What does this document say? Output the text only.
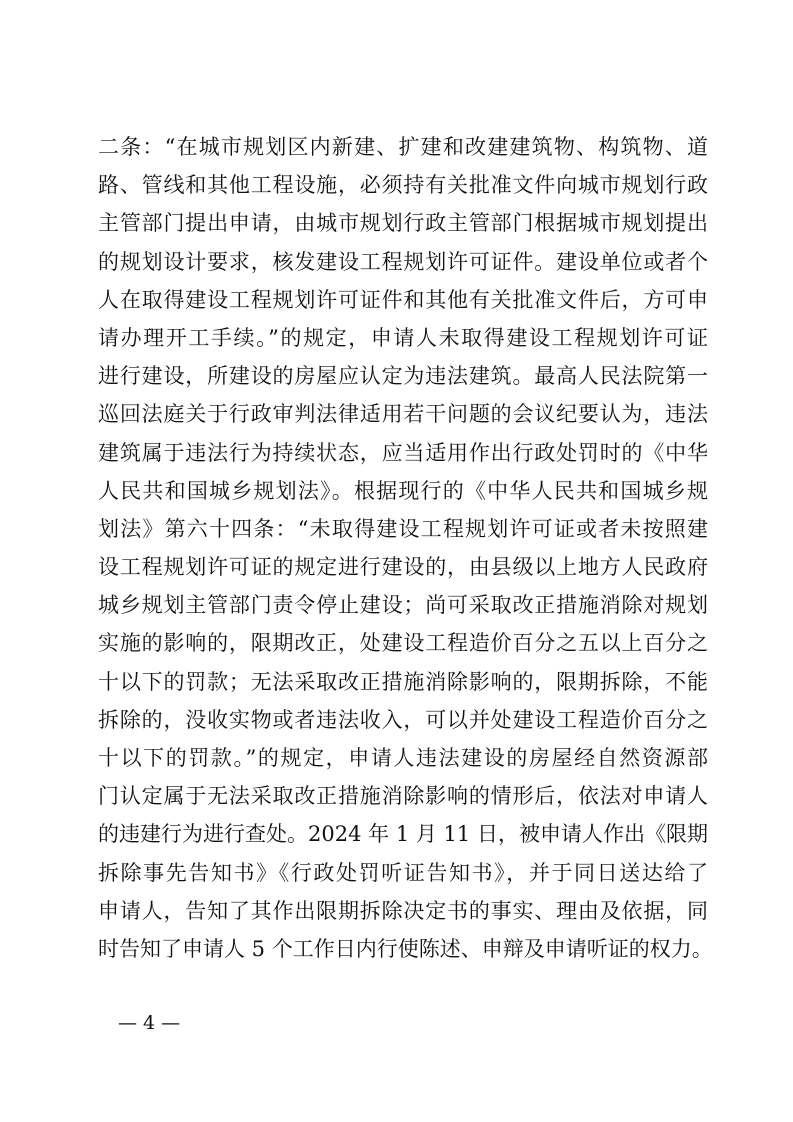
二条：“在城市规划区内新建、扩建和改建建筑物、构筑物、道
路、管线和其他工程设施，必须持有关批准文件向城市规划行政
主管部门提出申请，由城市规划行政主管部门根据城市规划提出
的规划设计要求，核发建设工程规划许可证件。建设单位或者个
人在取得建设工程规划许可证件和其他有关批准文件后，方可申
请办理开工手续。”的规定，申请人未取得建设工程规划许可证
进行建设，所建设的房屋应认定为违法建筑。最高人民法院第一
巡回法庭关于行政审判法律适用若干问题的会议纪要认为，违法
建筑属于违法行为持续状态，应当适用作出行政处罚时的《中华
人民共和国城乡规划法》。根据现行的《中华人民共和国城乡规
划法》第六十四条：“未取得建设工程规划许可证或者未按照建
设工程规划许可证的规定进行建设的，由县级以上地方人民政府
城乡规划主管部门责令停止建设；尚可采取改正措施消除对规划
实施的影响的，限期改正，处建设工程造价百分之五以上百分之
十以下的罚款；无法采取改正措施消除影响的，限期拆除，不能
拆除的，没收实物或者违法收入，可以并处建设工程造价百分之
十以下的罚款。”的规定，申请人违法建设的房屋经自然资源部
门认定属于无法采取改正措施消除影响的情形后，依法对申请人
的违建行为进行查处。2024 年 1 月 11 日，被申请人作出《限期
拆除事先告知书》《行政处罚听证告知书》，并于同日送达给了
申请人，告知了其作出限期拆除决定书的事实、理由及依据，同
时告知了申请人 5 个工作日内行使陈述、申辩及申请听证的权力。
— 4 —
